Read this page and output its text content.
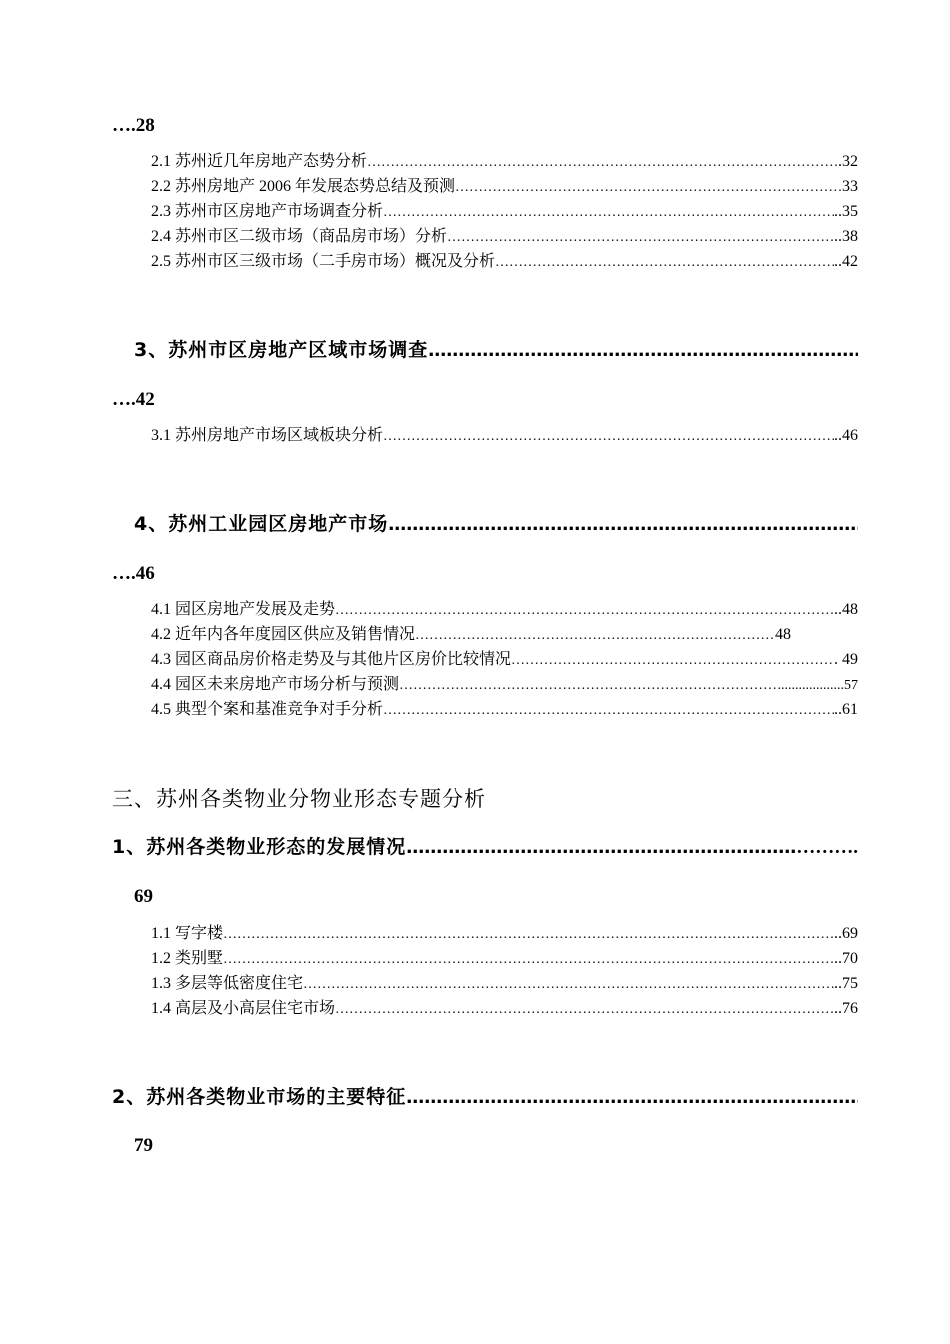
….28
2.1 苏州近几年房地产态势分析 ……………………………………………………………………………………………………………………………………………………	.32
2.2 苏州房地产 2006 年发展态势总结及预测 ……………………………………………………………………………………………………………………………………………………	33
2.3 苏州市区房地产市场调查分析 ……………………………………………………………………………………………………………………………………………………	..35
2.4 苏州市区二级市场（商品房市场）分析 ……………………………………………………………………………………………………………………………………………………	..38
2.5 苏州市区三级市场（二手房市场）概况及分析 ……………………………………………………………………………………………………………………………………………………	..42
3、苏州市区房地产区域市场调查
……………………………………………………………………………………………………………………………………
….42
3.1 苏州房地产市场区域板块分析 ……………………………………………………………………………………………………………………………………………………	..46
4、苏州工业园区房地产市场
……………………………………………………………………………………………………………………………………
….46
4.1 园区房地产发展及走势 ……………………………………………………………………………………………………………………………………………………	..48
4.2 近年内各年度园区供应及销售情况 ……………………………………………………………………………………………………………………………………………………	48
4.3 园区商品房价格走势及与其他片区房价比较情况 ……………………………………………………………………………………………………………………………………………………	. 49
4.4 园区未来房地产市场分析与预测 ……………………………………………………………………………………………………………………………………………………	..................57
4.5 典型个案和基准竞争对手分析 ……………………………………………………………………………………………………………………………………………………	..61
三、苏州各类物业分物业形态专题分析
1、苏州各类物业形态的发展情况 ……………………………………………………………………………………………………………………………………	……….
69
1.1 写字楼 ……………………………………………………………………………………………………………………………………………………	..69
1.2 类别墅 ……………………………………………………………………………………………………………………………………………………	..70
1.3 多层等低密度住宅 ……………………………………………………………………………………………………………………………………………………	..75
1.4 高层及小高层住宅市场 ……………………………………………………………………………………………………………………………………………………	..76
2、苏州各类物业市场的主要特征
……………………………………………………………………………………………………………………………………
79
